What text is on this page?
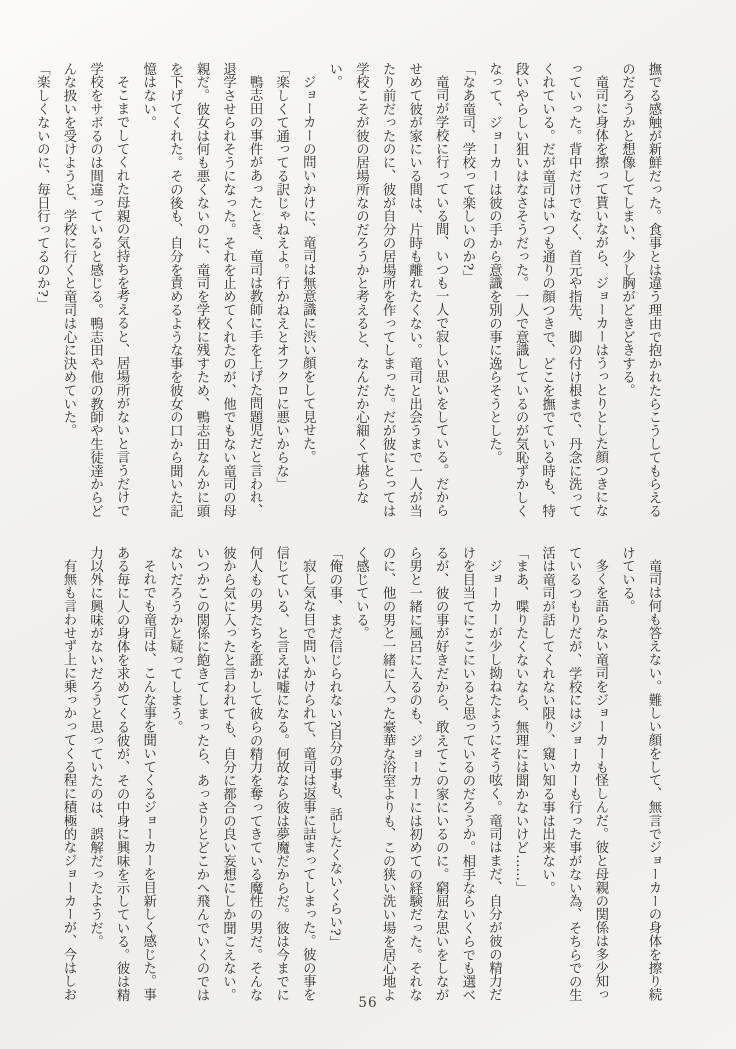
撫でる感触が新鮮だった。食事とは違う理由で抱かれたらこうしてもらえるのだろうかと想像してしまい、少し胸がどきどきする。

竜司に身体を擦って貰いながら、ジョーカーはうっとりとした顔つきになっていった。背中だけでなく、首元や指先、脚の付け根まで、丹念に洗ってくれている。だが竜司はいつも通りの顔つきで、どこを撫でている時も、特段いやらしい狙いはなさそうだった。一人で意識しているのが気恥ずかしくなって、ジョーカーは彼の手から意識を別の事に逸らそうとした。

「なあ竜司、学校って楽しいのか?」

竜司が学校に行っている間、いつも一人で寂しい思いをしている。だからせめて彼が家にいる間は、片時も離れたくない。竜司と出会うまで一人が当たり前だったのに、彼が自分の居場所を作ってしまった。だが彼にとっては学校こそが彼の居場所なのだろうかと考えると、なんだか心細くて堪らない。

ジョーカーの問いかけに、竜司は無意識に渋い顔をして見せた。

「楽しくて通ってる訳じゃねえよ。行かねえとオフクロに悪いからな」

鴨志田の事件があったとき、竜司は教師に手を上げた問題児だと言われ、退学させられそうになった。それを止めてくれたのが、他でもない竜司の母親だ。彼女は何も悪くないのに、竜司を学校に残すため、鴨志田なんかに頭を下げてくれた。その後も、自分を責めるような事を彼女の口から聞いた記憶はない。

そこまでしてくれた母親の気持ちを考えると、居場所がないと言うだけで学校をサボるのは間違っていると感じる。鴨志田や他の教師や生徒達からどんな扱いを受けようと、学校に行くと竜司は心に決めていた。

「楽しくないのに、毎日行ってるのか?」

竜司は何も答えない。難しい顔をして、無言でジョーカーの身体を擦り続けている。

多くを語らない竜司をジョーカーも怪しんだ。彼と母親の関係は多少知っているつもりだが、学校にはジョーカーも行った事がない為、そちらでの生活は竜司が話してくれない限り、窺い知る事は出来ない。

「まあ、喋りたくないなら、無理には聞かないけど……」

ジョーカーが少し拗ねたようにそう呟く。竜司はまだ、自分が彼の精力だけを目当てにここにいると思っているのだろうか。相手ならいくらでも選べるが、彼の事が好きだから、敢えてこの家にいるのに。窮屈な思いをしながら男と一緒に風呂に入るのも、ジョーカーには初めての経験だった。それなのに、他の男と一緒に入った豪華な浴室よりも、この狭い洗い場を居心地よく感じている。

「俺の事、まだ信じられない?自分の事も、話したくないくらい?」

寂し気な目で問いかけられて、竜司は返事に詰まってしまった。彼の事を信じている、と言えば嘘になる。何故なら彼は夢魔だからだ。彼は今までに何人もの男たちを誑かして彼らの精力を奪ってきている魔性の男だ。そんな彼から気に入ったと言われても、自分に都合の良い妄想にしか聞こえない。いつかこの関係に飽きてしまったら、あっさりとどこかへ飛んでいくのではないだろうかと疑ってしまう。

それでも竜司は、こんな事を聞いてくるジョーカーを目新しく感じた。事ある毎に人の身体を求めてくる彼が、その中身に興味を示している。彼は精力以外に興味がないだろうと思っていたのは、誤解だったようだ。

有無も言わせず上に乗っかってくる程に積極的なジョーカーが、今はしお

56
